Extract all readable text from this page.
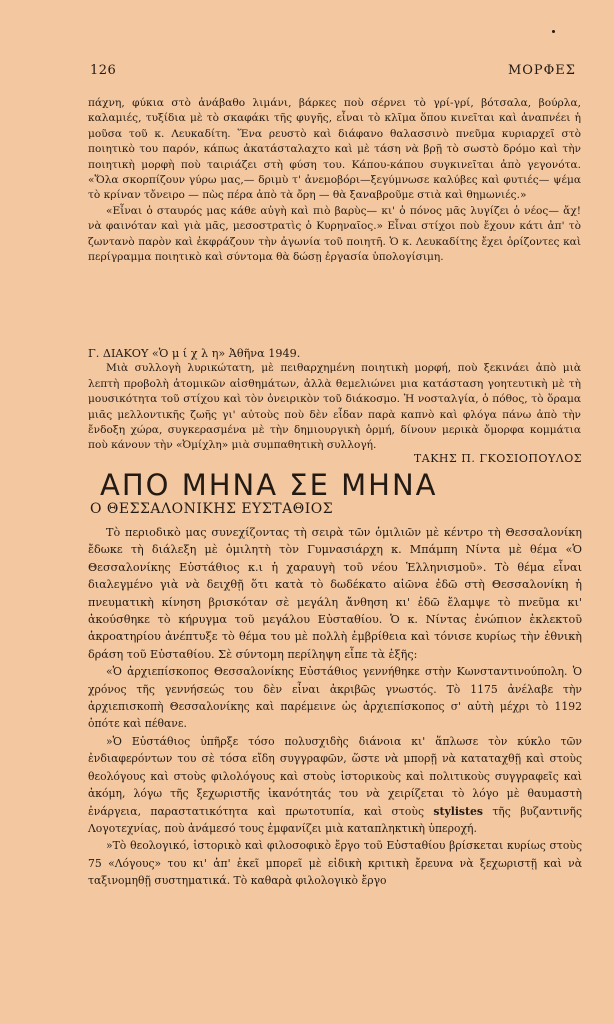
126	ΜΟΡΦΕΣ

πάχνη, φύκια στὸ ἀνάβαθο λιμάνι, βάρκες ποὺ σέρνει τὸ γρί-γρί, βότσαλα, βούρλα, καλαμιές, τυξίδια μὲ τὸ σκαφάκι τῆς φυγῆς, εἶναι τὸ κλῖμα ὅπου κινεῖται καὶ ἀναπνέει ἡ μοῦσα τοῦ κ. Λευκαδίτη. Ἕνα ρευστὸ καὶ διάφανο θαλασσινὸ πνεῦμα κυριαρχεῖ στὸ ποιητικὸ του παρόν, κάπως ἀκατάσταλαχτο καὶ μὲ τάση νὰ βρῇ τὸ σωστὸ δρόμο καὶ τὴν ποιητικὴ μορφὴ ποὺ ταιριάζει στὴ φύση του. Κάπου-κάπου συγκινεῖται ἀπὸ γεγονότα. «Ὅλα σκορπίζουν γύρω μας,— δριμὺ τ' ἀνεμοβόρι—ξεγύμνωσε καλύβες καὶ φυτιές— ψέμα τὸ κρίναν τὄνειρο — πὼς πέρα ἀπὸ τὰ ὄρη — θὰ ξαναβροῦμε στιὰ καὶ θημωνιές.»

«Εἶναι ὁ σταυρός μας κάθε αὐγὴ καὶ πιὸ βαρὺς— κι' ὁ πόνος μᾶς λυγίζει ὁ νέος— ἄχ! νὰ φαινόταν καὶ γιὰ μᾶς, μεσοστρατὶς ὁ Κυρηναῖος.» Εἶναι στίχοι ποὺ ἔχουν κάτι ἀπ' τὸ ζωντανὸ παρὸν καὶ ἐκφράζουν τὴν ἀγωνία τοῦ ποιητῆ. Ὁ κ. Λευκαδίτης ἔχει ὁρίζοντες καὶ περίγραμμα ποιητικὸ καὶ σύντομα θὰ δώσῃ ἐργασία ὑπολογίσιμη.

Γ. ΔΙΑΚΟΥ «Ὁ μ ί χ λ η» Ἀθῆνα 1949.

Μιὰ συλλογὴ λυρικώτατη, μὲ πειθαρχημένη ποιητικὴ μορφή, ποὺ ξεκινάει ἀπὸ μιὰ λεπτὴ προβολὴ ἀτομικῶν αἰσθημάτων, ἀλλὰ θεμελιώνει μια κατάσταση γοητευτικὴ μὲ τὴ μουσικότητα τοῦ στίχου καὶ τὸν ὀνειρικὸν τοῦ διάκοσμο. Ἡ νοσταλγία, ὁ πόθος, τὸ ὅραμα μιᾶς μελλοντικῆς ζωῆς γι' αὐτοὺς ποὺ δὲν εἶδαν παρὰ καπνὸ καὶ φλόγα πάνω ἀπὸ τὴν ἔνδοξη χώρα, συγκερασμένα μὲ τὴν δημιουργικὴ ὁρμή, δίνουν μερικὰ ὄμορφα κομμάτια ποὺ κάνουν τὴν «Ὀμίχλη» μιὰ συμπαθητικὴ συλλογή.

ΤΑΚΗΣ Π. ΓΚΟΣΙΟΠΟΥΛΟΣ
ΑΠΟ ΜΗΝΑ ΣΕ ΜΗΝΑ
Ο ΘΕΣΣΑΛΟΝΙΚΗΣ ΕΥΣΤΑΘΙΟΣ

Τὸ περιοδικὸ μας συνεχίζοντας τὴ σειρὰ τῶν ὁμιλιῶν μὲ κέντρο τὴ Θεσσαλονίκη ἔδωκε τὴ διάλεξη μὲ ὁμιλητὴ τὸν Γυμνασιάρχη κ. Μπάμπη Νίντα μὲ θέμα «Ὁ Θεσσαλονίκης Εὐστάθιος κ.ι ἡ χαραυγὴ τοῦ νέου Ἑλληνισμοῦ». Τὸ θέμα εἶναι διαλεγμένο γιὰ νὰ δειχθῇ ὅτι κατὰ τὸ δωδέκατο αἰῶνα ἐδῶ στὴ Θεσσαλονίκη ἡ πνευματικὴ κίνηση βρισκόταν σὲ μεγάλη ἄνθηση κι' ἐδῶ ἔλαμψε τὸ πνεῦμα κι' ἀκούσθηκε τὸ κήρυγμα τοῦ μεγάλου Εὐσταθίου. Ὁ κ. Νίντας ἐνώπιον ἐκλεκτοῦ ἀκροατηρίου ἀνέπτυξε τὸ θέμα του μὲ πολλὴ ἐμβρίθεια καὶ τόνισε κυρίως τὴν ἐθνικὴ δράση τοῦ Εὐσταθίου. Σὲ σύντομη περίληψη εἶπε τὰ ἑξῆς:

«Ὁ ἀρχιεπίσκοπος Θεσσαλονίκης Εὐστάθιος γεννήθηκε στὴν Κωνσταντινούπολη. Ὁ χρόνος τῆς γεννήσεώς του δὲν εἶναι ἀκριβῶς γνωστός. Τὸ 1175 ἀνέλαβε τὴν ἀρχιεπισκοπὴ Θεσσαλονίκης καὶ παρέμεινε ὡς ἀρχιεπίσκοπος σ' αὐτὴ μέχρι τὸ 1192 ὁπότε καὶ πέθανε.

»Ὁ Εὐστάθιος ὑπῆρξε τόσο πολυσχιδὴς διάνοια κι' ἅπλωσε τὸν κύκλο τῶν ἐνδιαφερόντων του σὲ τόσα εἴδη συγγραφῶν, ὥστε νὰ μπορῇ νὰ καταταχθῇ καὶ στοὺς θεολόγους καὶ στοὺς φιλολόγους καὶ στοὺς ἱστορικοὺς καὶ πολιτικοὺς συγγραφεῖς καὶ ἀκόμη, λόγω τῆς ξεχωριστῆς ἱκανότητάς του νὰ χειρίζεται τὸ λόγο μὲ θαυμαστὴ ἐνάργεια, παραστατικότητα καὶ πρωτοτυπία, καὶ στοὺς stylistes τῆς βυζαντινῆς Λογοτεχνίας, ποὺ ἀνάμεσό τους ἐμφανίζει μιὰ καταπληκτικὴ ὑπεροχή.

»Τὸ θεολογικό, ἱστορικὸ καὶ φιλοσοφικὸ ἔργο τοῦ Εὐσταθίου βρίσκεται κυρίως στοὺς 75 «Λόγους» του κι' ἀπ' ἐκεῖ μπορεῖ μὲ εἰδικὴ κριτικὴ ἔρευνα νὰ ξεχωριστῇ καὶ νὰ ταξινομηθῇ συστηματικά. Τὸ καθαρὰ φιλολογικὸ ἔργο
